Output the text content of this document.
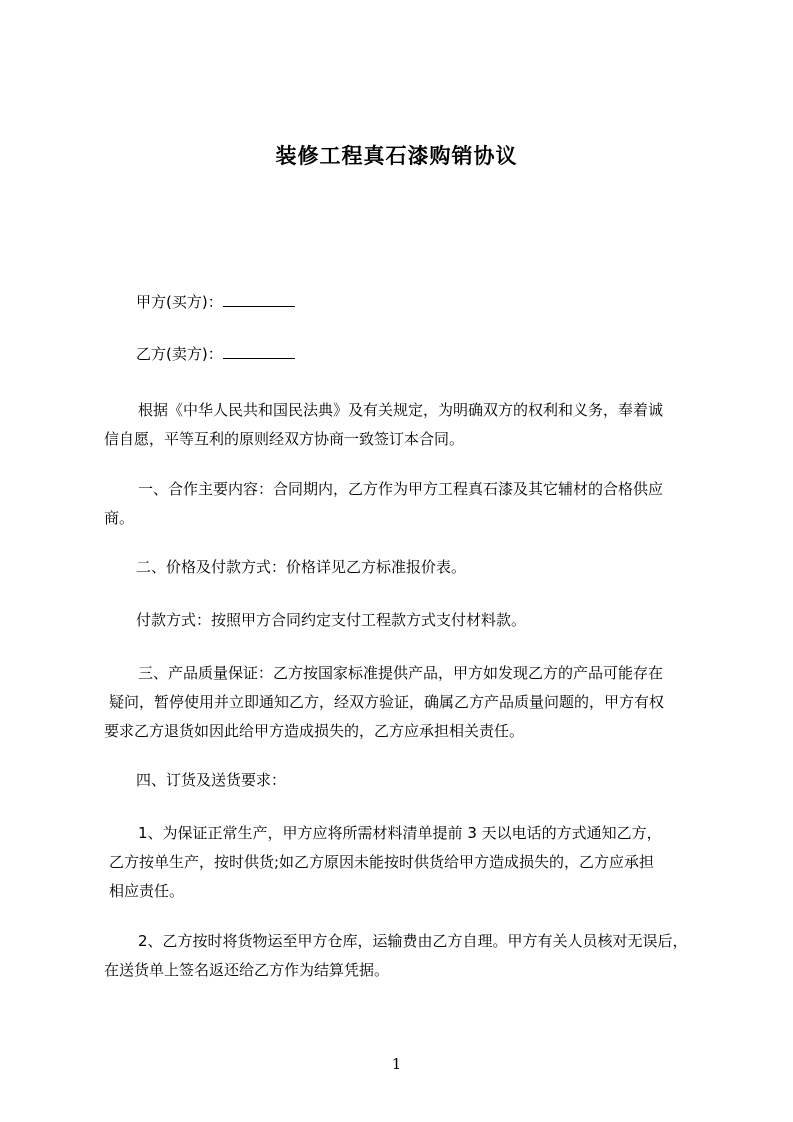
装修工程真石漆购销协议
甲方(买方)：
乙方(卖方)：
根据《中华人民共和国民法典》及有关规定，为明确双方的权利和义务，奉着诚
信自愿，平等互利的原则经双方协商一致签订本合同。
一、合作主要内容：合同期内，乙方作为甲方工程真石漆及其它辅材的合格供应
商。
二、价格及付款方式：价格详见乙方标准报价表。
付款方式：按照甲方合同约定支付工程款方式支付材料款。
三、产品质量保证：乙方按国家标准提供产品，甲方如发现乙方的产品可能存在
疑问，暂停使用并立即通知乙方，经双方验证，确属乙方产品质量问题的，甲方有权
要求乙方退货如因此给甲方造成损失的，乙方应承担相关责任。
四、订货及送货要求：
1、为保证正常生产，甲方应将所需材料清单提前 3 天以电话的方式通知乙方，
乙方按单生产，按时供货;如乙方原因未能按时供货给甲方造成损失的，乙方应承担
相应责任。
2、乙方按时将货物运至甲方仓库，运输费由乙方自理。甲方有关人员核对无误后，
在送货单上签名返还给乙方作为结算凭据。
1
